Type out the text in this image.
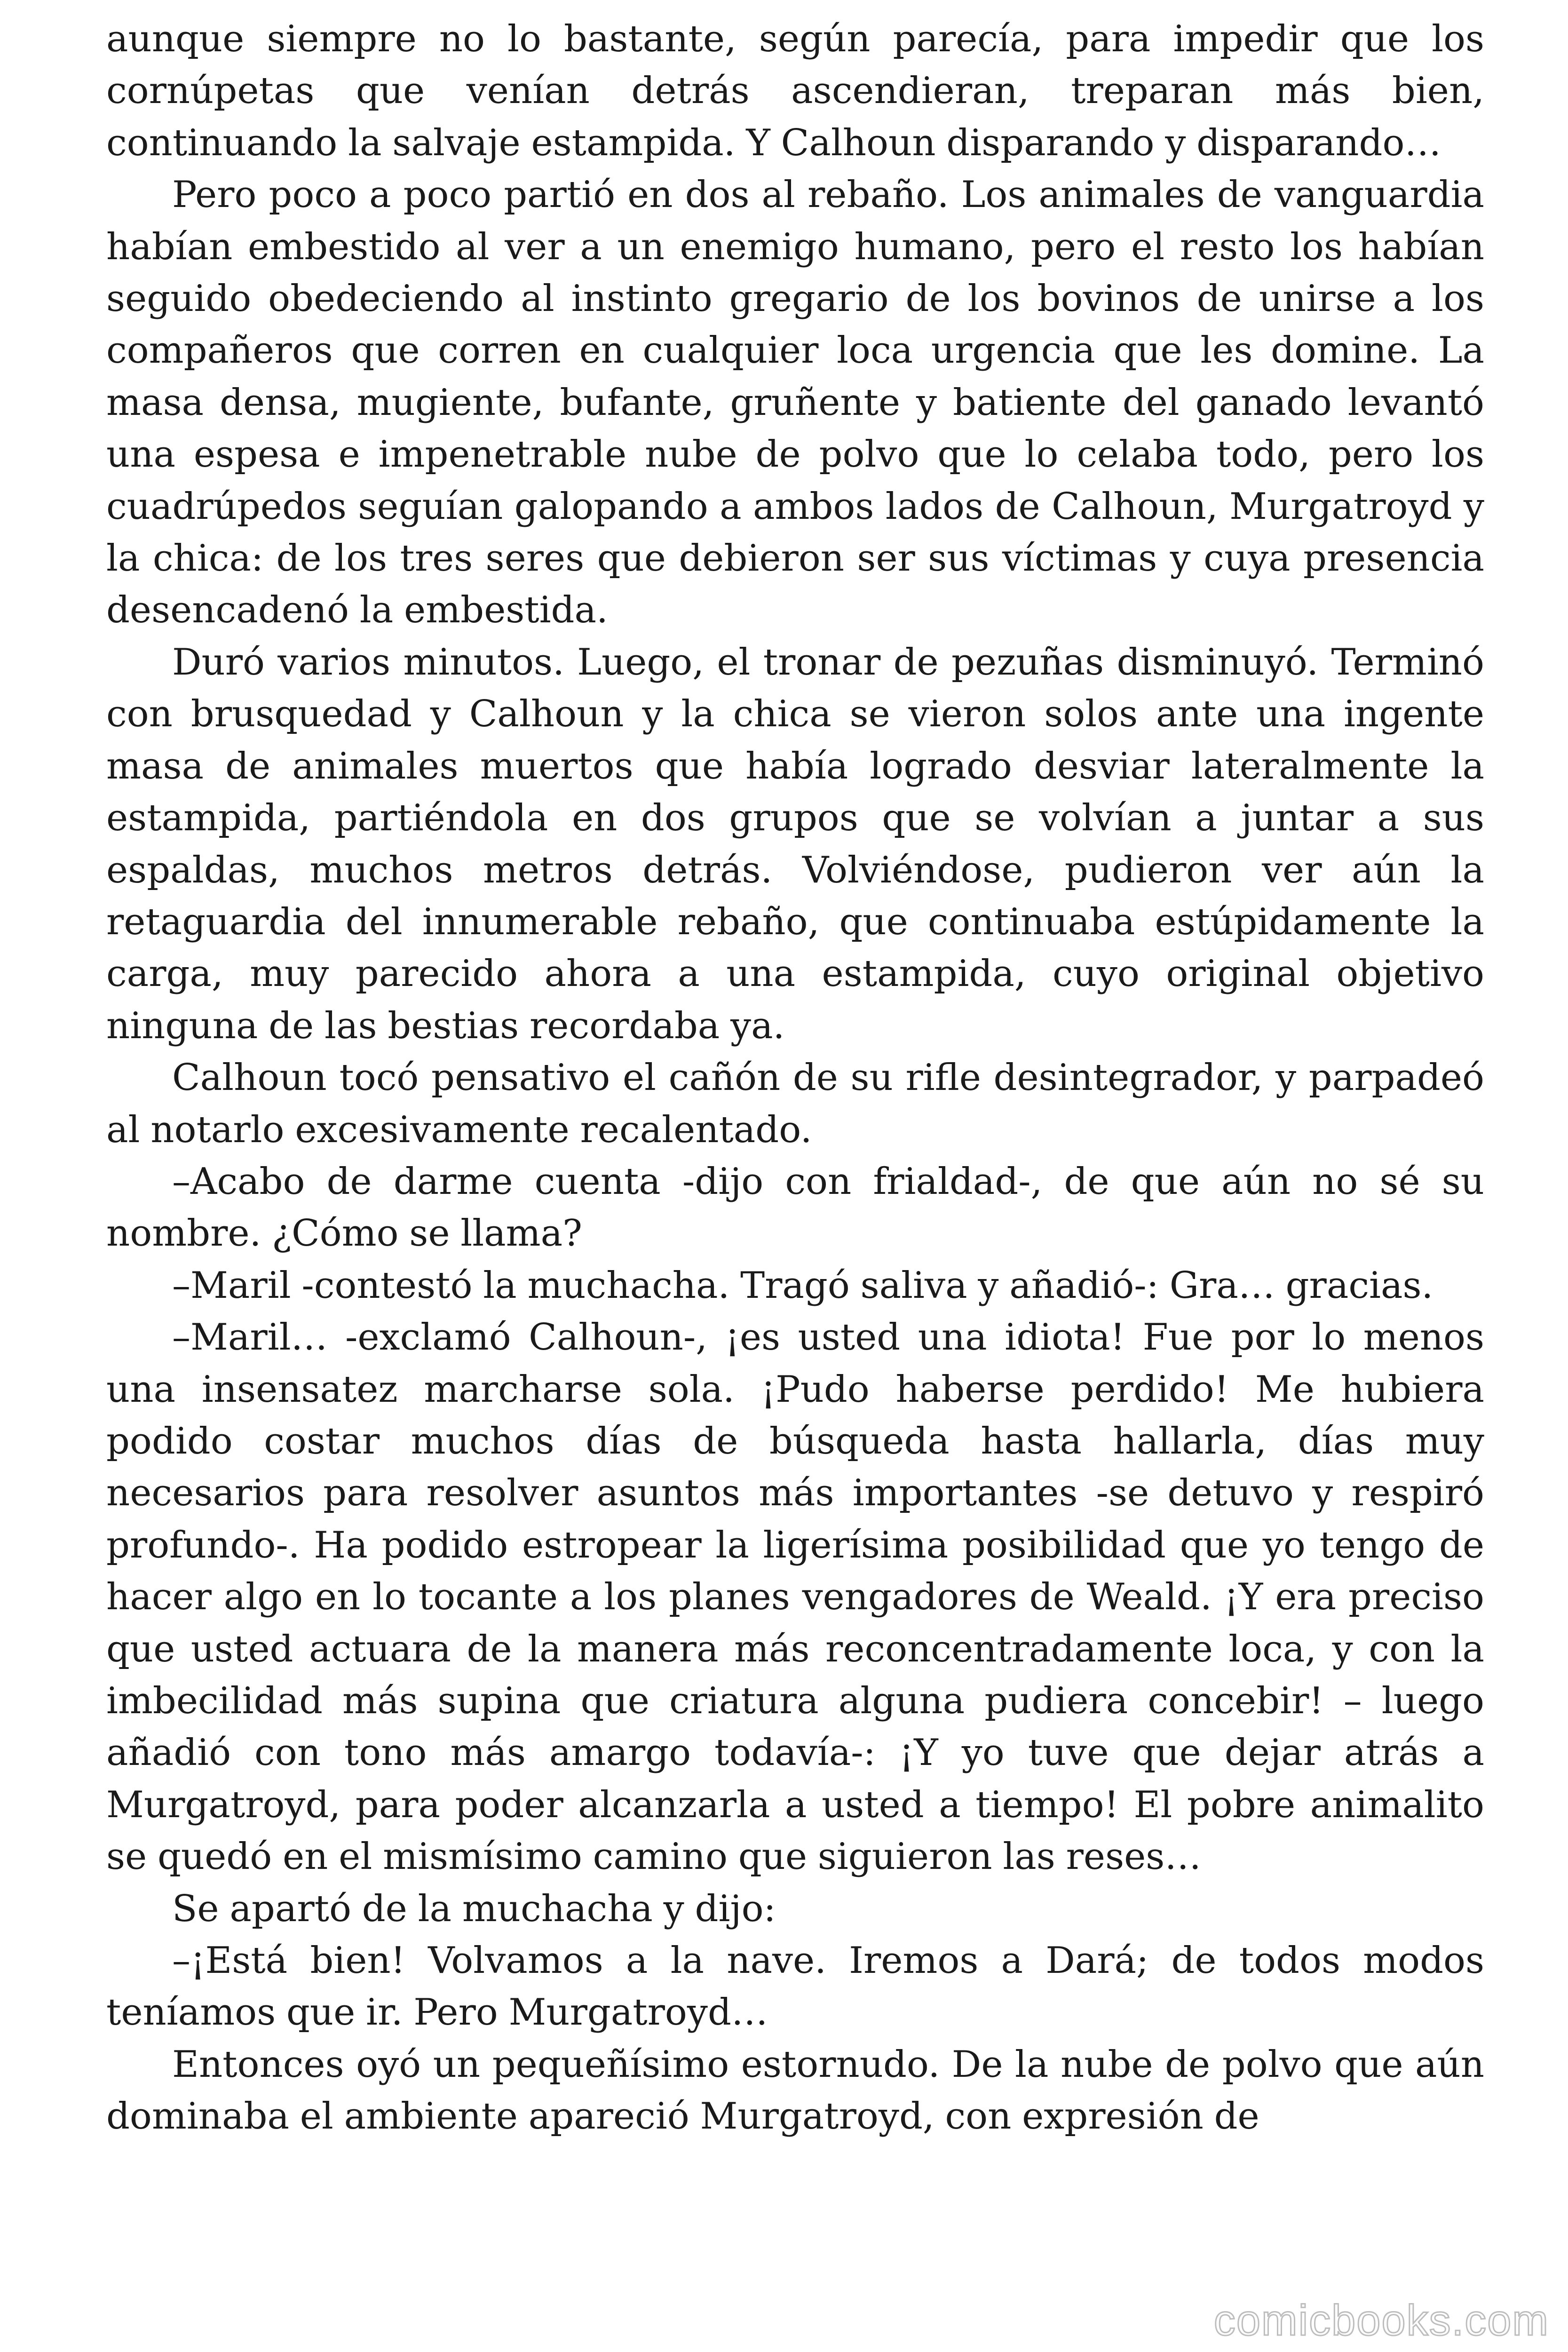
aunque siempre no lo bastante, según parecía, para impedir que los cornúpetas que venían detrás ascendieran, treparan más bien, continuando la salvaje estampida. Y Calhoun disparando y disparando…

Pero poco a poco partió en dos al rebaño. Los animales de vanguardia habían embestido al ver a un enemigo humano, pero el resto los habían seguido obedeciendo al instinto gregario de los bovinos de unirse a los compañeros que corren en cualquier loca urgencia que les domine. La masa densa, mugiente, bufante, gruñente y batiente del ganado levantó una espesa e impenetrable nube de polvo que lo celaba todo, pero los cuadrúpedos seguían galopando a ambos lados de Calhoun, Murgatroyd y la chica: de los tres seres que debieron ser sus víctimas y cuya presencia desencadenó la embestida.

Duró varios minutos. Luego, el tronar de pezuñas disminuyó. Terminó con brusquedad y Calhoun y la chica se vieron solos ante una ingente masa de animales muertos que había logrado desviar lateralmente la estampida, partiéndola en dos grupos que se volvían a juntar a sus espaldas, muchos metros detrás. Volviéndose, pudieron ver aún la retaguardia del innumerable rebaño, que continuaba estúpidamente la carga, muy parecido ahora a una estampida, cuyo original objetivo ninguna de las bestias recordaba ya.

Calhoun tocó pensativo el cañón de su rifle desintegrador, y parpadeó al notarlo excesivamente recalentado.

–Acabo de darme cuenta -dijo con frialdad-, de que aún no sé su nombre. ¿Cómo se llama?

–Maril -contestó la muchacha. Tragó saliva y añadió-: Gra… gracias.

–Maril… -exclamó Calhoun-, ¡es usted una idiota! Fue por lo menos una insensatez marcharse sola. ¡Pudo haberse perdido! Me hubiera podido costar muchos días de búsqueda hasta hallarla, días muy necesarios para resolver asuntos más importantes -se detuvo y respiró profundo-. Ha podido estropear la ligerísima posibilidad que yo tengo de hacer algo en lo tocante a los planes vengadores de Weald. ¡Y era preciso que usted actuara de la manera más reconcentradamente loca, y con la imbecilidad más supina que criatura alguna pudiera concebir! – luego añadió con tono más amargo todavía-: ¡Y yo tuve que dejar atrás a Murgatroyd, para poder alcanzarla a usted a tiempo! El pobre animalito se quedó en el mismísimo camino que siguieron las reses…

Se apartó de la muchacha y dijo:

–¡Está bien! Volvamos a la nave. Iremos a Dará; de todos modos teníamos que ir. Pero Murgatroyd…

Entonces oyó un pequeñísimo estornudo. De la nube de polvo que aún dominaba el ambiente apareció Murgatroyd, con expresión de

comicbooks.com
